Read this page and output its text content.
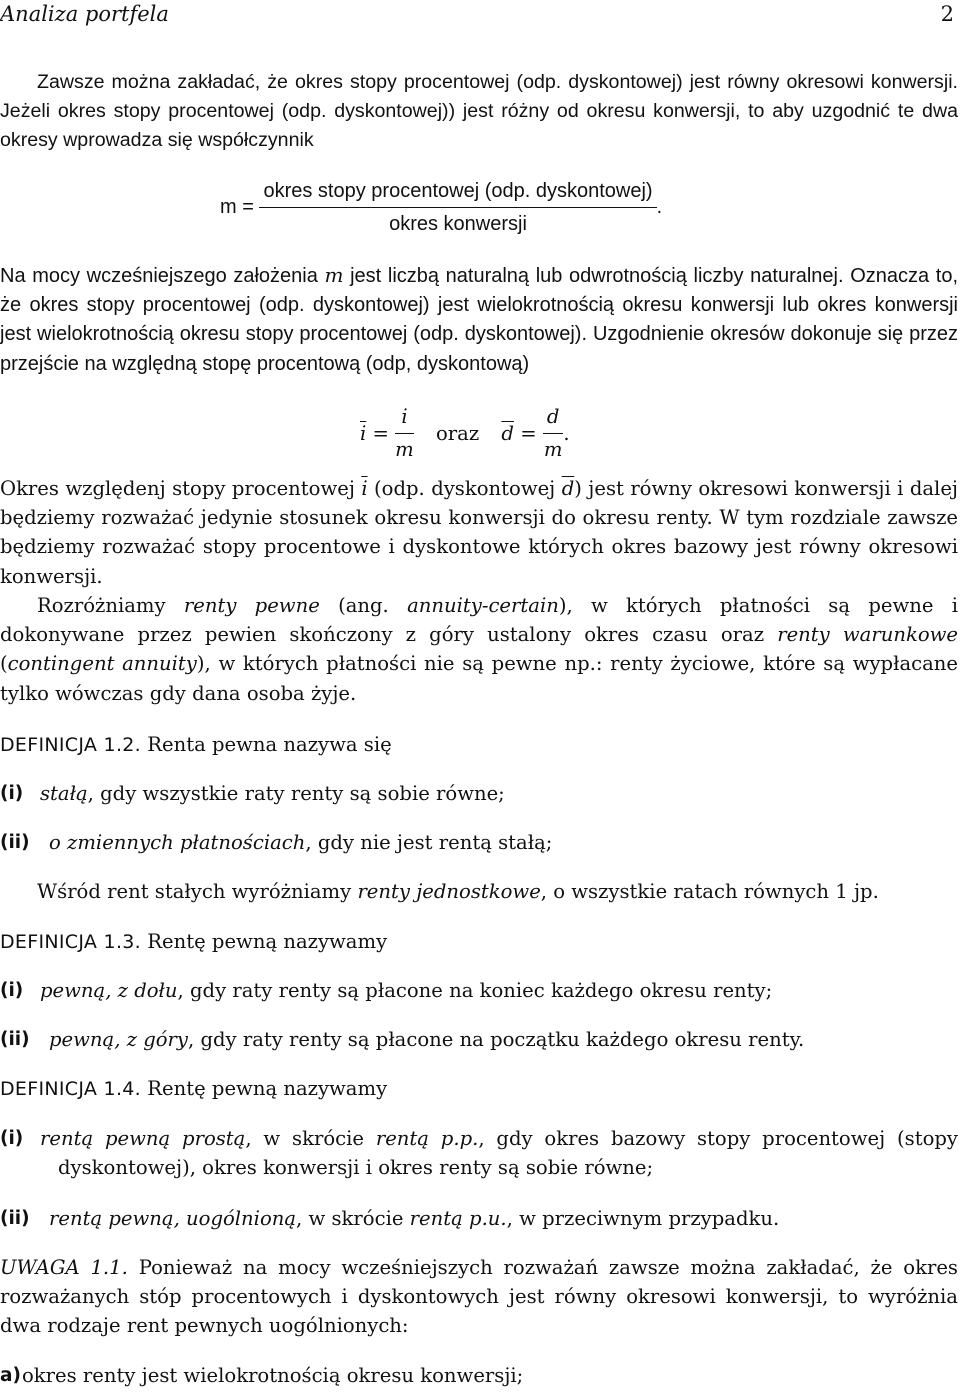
Analiza portfela	2

Zawsze można zakładać, że okres stopy procentowej (odp. dyskontowej) jest równy okresowi konwersji. Jeżeli okres stopy procentowej (odp. dyskontowej)) jest różny od okresu konwersji, to aby uzgodnić te dwa okresy wprowadza się współczynnik

$m = \frac{\text{okres stopy procentowej (odp. dyskontowej)}}{\text{okres konwersji}}$ .

Na mocy wcześniejszego założenia m jest liczbą naturalną lub odwrotnością liczby naturalnej. Oznacza to, że okres stopy procentowej (odp. dyskontowej) jest wielokrotnością okresu konwersji lub okres konwersji jest wielokrotnością okresu stopy procentowej (odp. dyskontowej). Uzgodnienie okresów dokonuje się przez przejście na względną stopę procentową (odp, dyskontową)

$\overline{i} = \frac{i}{m}$ oraz $\overline{d} = \frac{d}{m}$ .

Okres względenj stopy procentowej $\overline{i}$ (odp. dyskontowej $\overline{d}$) jest równy okresowi konwersji i dalej będziemy rozważać jedynie stosunek okresu konwersji do okresu renty. W tym rozdziale zawsze będziemy rozważać stopy procentowe i dyskontowe których okres bazowy jest równy okresowi konwersji.

Rozróżniamy renty pewne (ang. annuity-certain), w których płatności są pewne i dokonywane przez pewien skończony z góry ustalony okres czasu oraz renty warunkowe (contingent annuity), w których płatności nie są pewne np.: renty życiowe, które są wypłacane tylko wówczas gdy dana osoba żyje.

DEFINICJA 1.2. Renta pewna nazywa się
(i) stałą, gdy wszystkie raty renty są sobie równe;
(ii) o zmiennych płatnościach, gdy nie jest rentą stałą;

Wśród rent stałych wyróżniamy renty jednostkowe, o wszystkie ratach równych 1 jp.

DEFINICJA 1.3. Rentę pewną nazywamy
(i) pewną, z dołu, gdy raty renty są płacone na koniec każdego okresu renty;
(ii) pewną, z góry, gdy raty renty są płacone na początku każdego okresu renty.
DEFINICJA 1.4. Rentę pewną nazywamy
(i) rentą pewną prostą, w skrócie rentą p.p., gdy okres bazowy stopy procentowej (stopy dyskontowej), okres konwersji i okres renty są sobie równe;
(ii) rentą pewną, uogólnioną, w skrócie rentą p.u., w przeciwnym przypadku.

UWAGA 1.1. Ponieważ na mocy wcześniejszych rozważań zawsze można zakładać, że okres rozważanych stóp procentowych i dyskontowych jest równy okresowi konwersji, to wyróżnia dwa rodzaje rent pewnych uogólnionych:

a) okres renty jest wielokrotnością okresu konwersji;
